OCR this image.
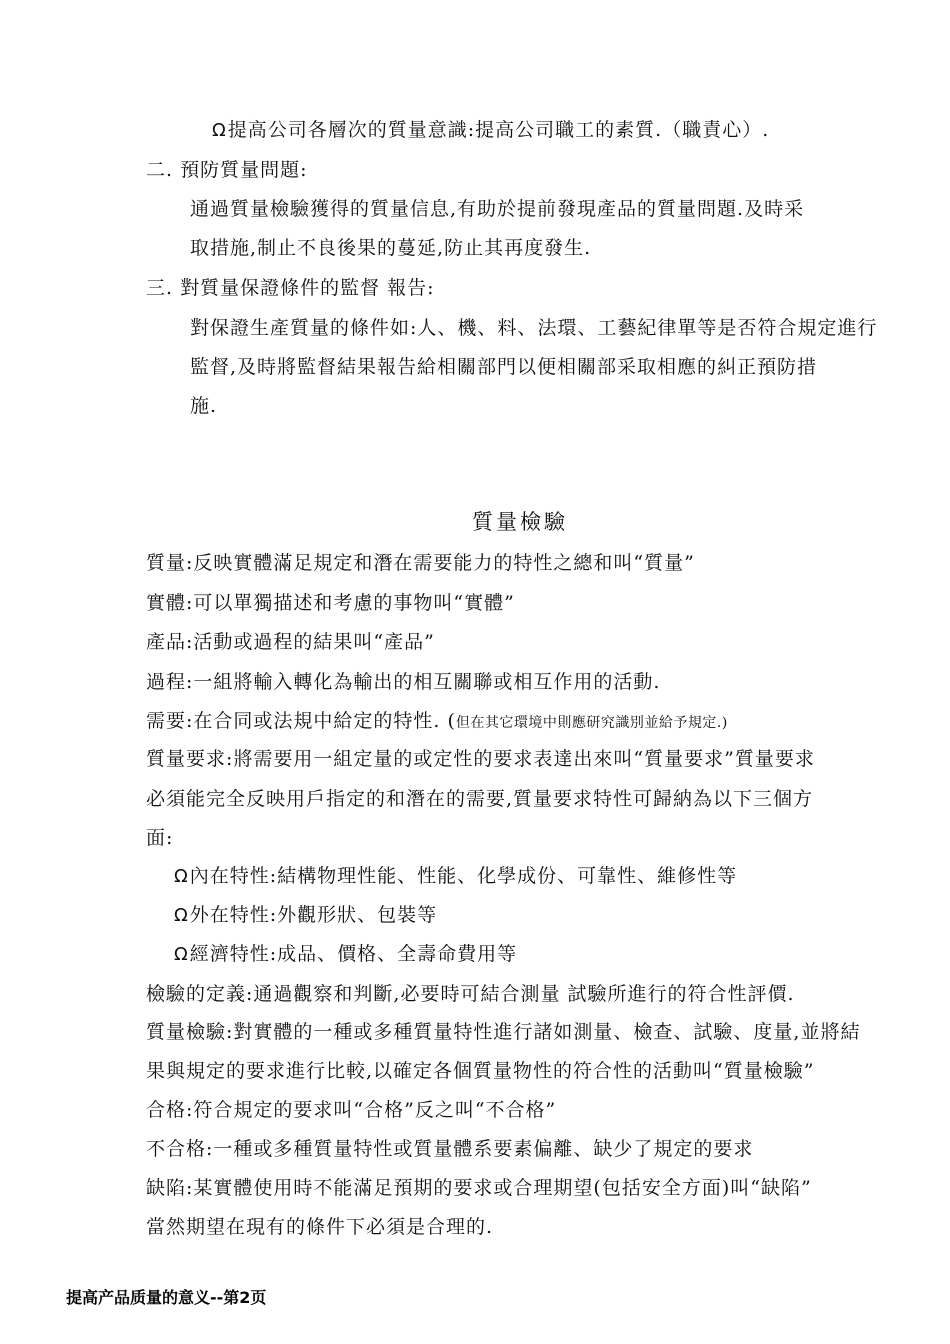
Ω提高公司各層次的質量意識:提高公司職工的素質.（職責心）.
二. 預防質量問題:
通過質量檢驗獲得的質量信息,有助於提前發現產品的質量問題.及時采
取措施,制止不良後果的蔓延,防止其再度發生.
三. 對質量保證條件的監督 報告:
對保證生產質量的條件如:人、機、料、法環、工藝紀律單等是否符合規定進行
監督,及時將監督結果報告給相關部門以便相關部采取相應的糾正預防措
施.
質量檢驗
質量:反映實體滿足規定和潛在需要能力的特性之總和叫“質量”
實體:可以單獨描述和考慮的事物叫“實體”
產品:活動或過程的結果叫“產品”
過程:一組將輸入轉化為輸出的相互關聯或相互作用的活動.
需要:在合同或法規中給定的特性. (但在其它環境中則應研究識別並給予規定.)
質量要求:將需要用一組定量的或定性的要求表達出來叫“質量要求”質量要求
必須能完全反映用戶指定的和潛在的需要,質量要求特性可歸納為以下三個方
面:
Ω內在特性:結構物理性能、性能、化學成份、可靠性、維修性等
Ω外在特性:外觀形狀、包裝等
Ω經濟特性:成品、價格、全壽命費用等
檢驗的定義:通過觀察和判斷,必要時可結合測量 試驗所進行的符合性評價.
質量檢驗:對實體的一種或多種質量特性進行諸如測量、檢查、試驗、度量,並將結
果與規定的要求進行比較,以確定各個質量物性的符合性的活動叫“質量檢驗”
合格:符合規定的要求叫“合格”反之叫“不合格”
不合格:一種或多種質量特性或質量體系要素偏離、缺少了規定的要求
缺陷:某實體使用時不能滿足預期的要求或合理期望(包括安全方面)叫“缺陷”
當然期望在現有的條件下必須是合理的.
提高产品质量的意义--第2页
